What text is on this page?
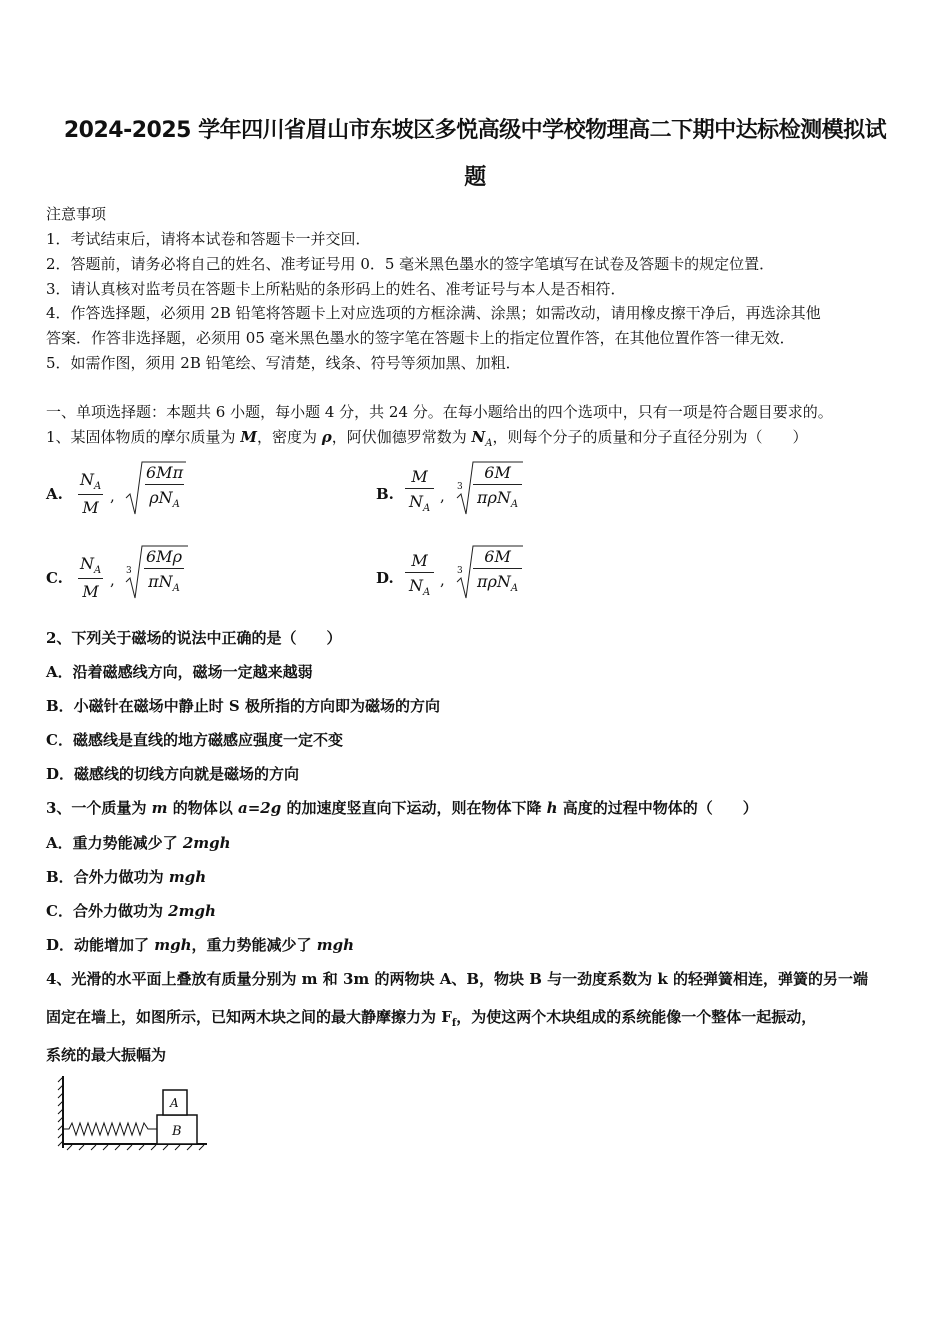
2024-2025 学年四川省眉山市东坡区多悦高级中学校物理高二下期中达标检测模拟试
题
注意事项
1．考试结束后，请将本试卷和答题卡一并交回．
2．答题前，请务必将自己的姓名、准考证号用 0．5 毫米黑色墨水的签字笔填写在试卷及答题卡的规定位置．
3．请认真核对监考员在答题卡上所粘贴的条形码上的姓名、准考证号与本人是否相符．
4．作答选择题，必须用 2B 铅笔将答题卡上对应选项的方框涂满、涂黑；如需改动，请用橡皮擦干净后，再选涂其他
答案．作答非选择题，必须用 05 毫米黑色墨水的签字笔在答题卡上的指定位置作答，在其他位置作答一律无效．
5．如需作图，须用 2B 铅笔绘、写清楚，线条、符号等须加黑、加粗．
一、单项选择题：本题共 6 小题，每小题 4 分，共 24 分。在每小题给出的四个选项中，只有一项是符合题目要求的。
1、某固体物质的摩尔质量为 M，密度为 ρ，阿伏伽德罗常数为 $N_A$，则每个分子的质量和分子直径分别为（　　）
A. $\frac{N_A}{M}$ ,
6Mπ
$\rho N_A$
B. $\frac{M}{N_A}$ , 3
6M
πρN$_A$
C. $\frac{N_A}{M}$ , 3
6Mρ
$\pi N_A$
D. $\frac{M}{N_A}$ , 3
6M
πρN$_A$
2、下列关于磁场的说法中正确的是（　　）
A．沿着磁感线方向，磁场一定越来越弱
B．小磁针在磁场中静止时 S 极所指的方向即为磁场的方向
C．磁感线是直线的地方磁感应强度一定不变
D．磁感线的切线方向就是磁场的方向
3、一个质量为 m 的物体以 a=2g 的加速度竖直向下运动，则在物体下降 h 高度的过程中物体的（　　）
A．重力势能减少了 2mgh
B．合外力做功为 mgh
C．合外力做功为 2mgh
D．动能增加了 mgh，重力势能减少了 mgh
4、光滑的水平面上叠放有质量分别为 m 和 3m 的两物块 A、B，物块 B 与一劲度系数为 k 的轻弹簧相连，弹簧的另一端
固定在墙上，如图所示，已知两木块之间的最大静摩擦力为 $F_f$，为使这两个木块组成的系统能像一个整体一起振动，
系统的最大振幅为
B
A
